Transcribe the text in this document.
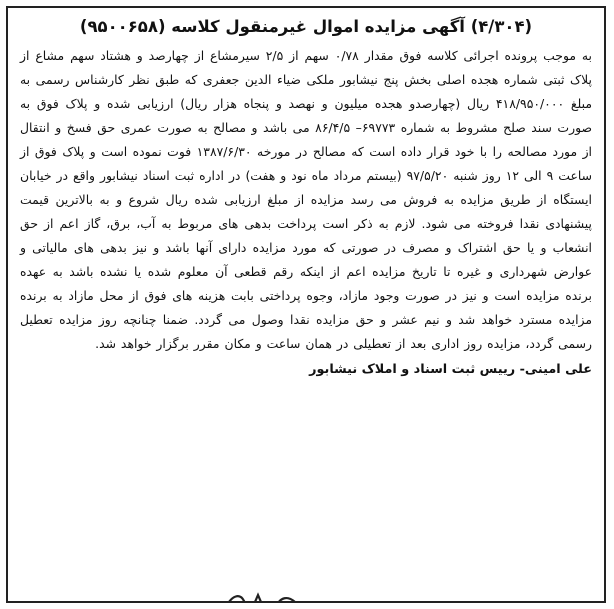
(۴/۳۰۴) آگهی مزایده اموال غیرمنقول کلاسه (۹۵۰۰۶۵۸)

به موجب پرونده اجرائی کلاسه فوق مقدار ۰/۷۸ سهم از ۲/۵ سیرمشاع از چهارصد و هشتاد سهم مشاع از پلاک ثبتی شماره هجده اصلی بخش پنج نیشابور ملکی ضیاء الدین جعفری که طبق نظر کارشناس رسمی به مبلغ ۴۱۸/۹۵۰/۰۰۰ ریال (چهارصدو هجده میلیون و نهصد و پنجاه هزار ریال) ارزیابی شده و پلاک فوق به صورت سند صلح مشروط به شماره ۶۹۷۷۳– ۸۶/۴/۵ می باشد و مصالح به صورت عمری حق فسخ و انتقال از مورد مصالحه را با خود قرار داده است که مصالح در مورخه ۱۳۸۷/۶/۳۰ فوت نموده است و پلاک فوق از ساعت ۹ الی ۱۲ روز شنبه ۹۷/۵/۲۰ (بیستم مرداد ماه نود و هفت) در اداره ثبت اسناد نیشابور واقع در خیابان ایستگاه از طریق مزایده به فروش می رسد مزایده از مبلغ ارزیابی شده ریال شروع و به بالاترین قیمت پیشنهادی نقدا فروخته می شود. لازم به ذکر است پرداخت بدهی های مربوط به آب، برق، گاز اعم از حق انشعاب و یا حق اشتراک و مصرف در صورتی که مورد مزایده دارای آنها باشد و نیز بدهی های مالیاتی و عوارض شهرداری و غیره تا تاریخ مزایده اعم از اینکه رقم قطعی آن معلوم شده یا نشده باشد به عهده برنده مزایده است و نیز در صورت وجود مازاد، وجوه پرداختی بابت هزینه های فوق از محل مازاد به برنده مزایده مسترد خواهد شد و نیم عشر و حق مزایده نقدا وصول می گردد. ضمنا چنانچه روز مزایده تعطیل رسمی گردد، مزایده روز اداری بعد از تعطیلی در همان ساعت و مکان مقرر برگزار خواهد شد.

علی امینی- رییس ثبت اسناد و املاک نیشابور
